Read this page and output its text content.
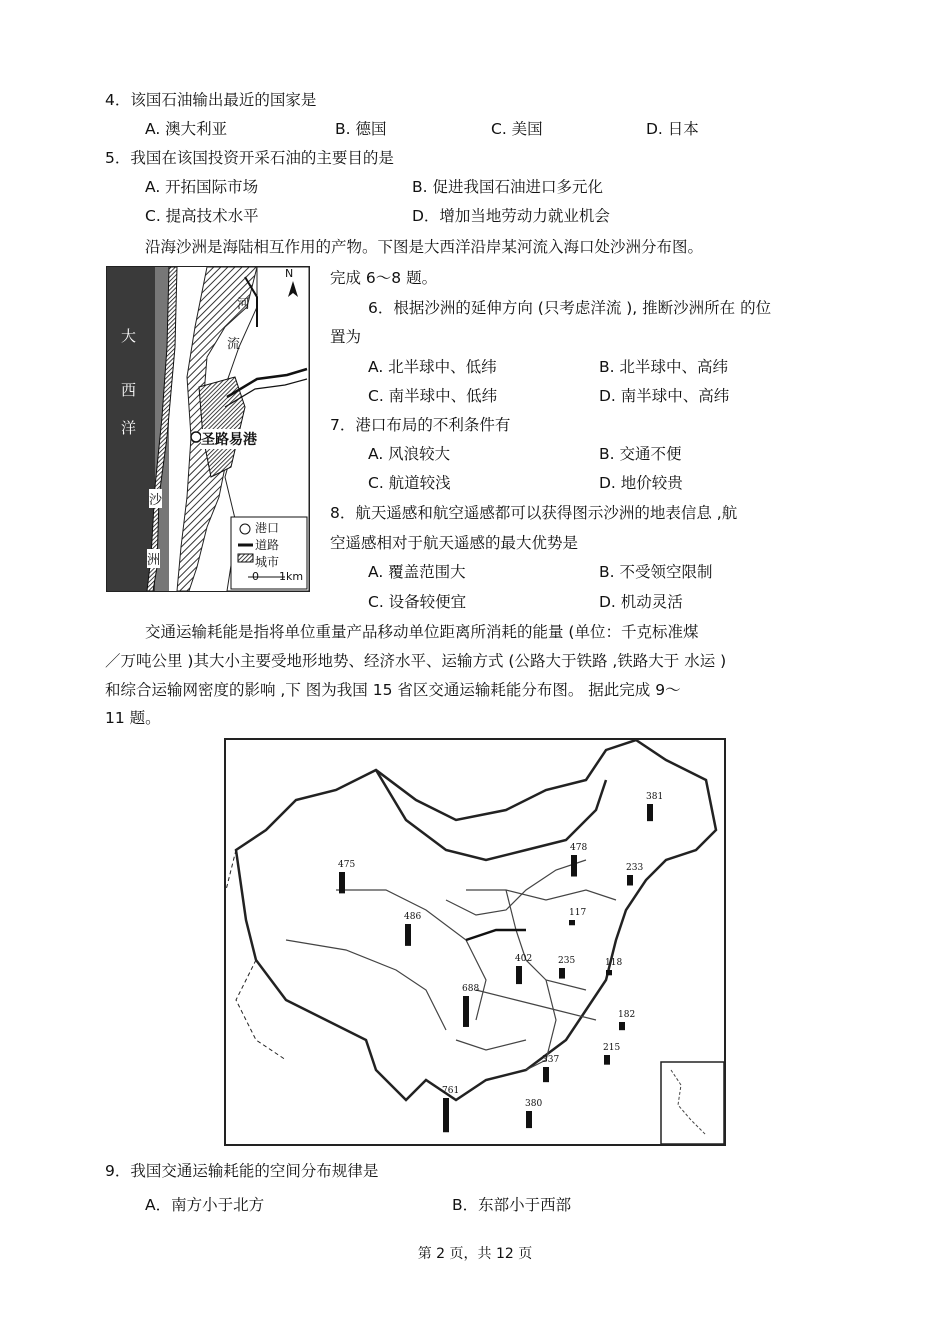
4．该国石油输出最近的国家是
A. 澳大利亚	B. 德国	C. 美国	D. 日本
5．我国在该国投资开采石油的主要目的是
A. 开拓国际市场	B. 促进我国石油进口多元化
C. 提高技术水平	D．增加当地劳动力就业机会
沿海沙洲是海陆相互作用的产物。下图是大西洋沿岸某河流入海口处沙洲分布图。
完成 6～8 题。
大
西
洋
河
流
沙
洲
圣路易港
N
港口
道路
城市
0 1km
6．根据沙洲的延伸方向 (只考虑洋流 ), 推断沙洲所在 的位
置为
A. 北半球中、低纬	B. 北半球中、高纬
C. 南半球中、低纬	D. 南半球中、高纬
7．港口布局的不利条件有
A. 风浪较大	B. 交通不便
C. 航道较浅	D. 地价较贵
8．航天遥感和航空遥感都可以获得图示沙洲的地表信息 ,航
空遥感相对于航天遥感的最大优势是
A. 覆盖范围大	B. 不受领空限制
C. 设备较便宜	D. 机动灵活
交通运输耗能是指将单位重量产品移动单位距离所消耗的能量 (单位：千克标准煤
／万吨公里 )其大小主要受地形地势、经济水平、运输方式 (公路大于铁路 ,铁路大于 水运 )
和综合运输网密度的影响 ,下 图为我国 15 省区交通运输耗能分布图。 据此完成 9～
11 题。
381
475
478
233
486	117
402	235	118
688
182
337
215
761
380
9．我国交通运输耗能的空间分布规律是
A．南方小于北方	B．东部小于西部
第 2 页，共 12 页
